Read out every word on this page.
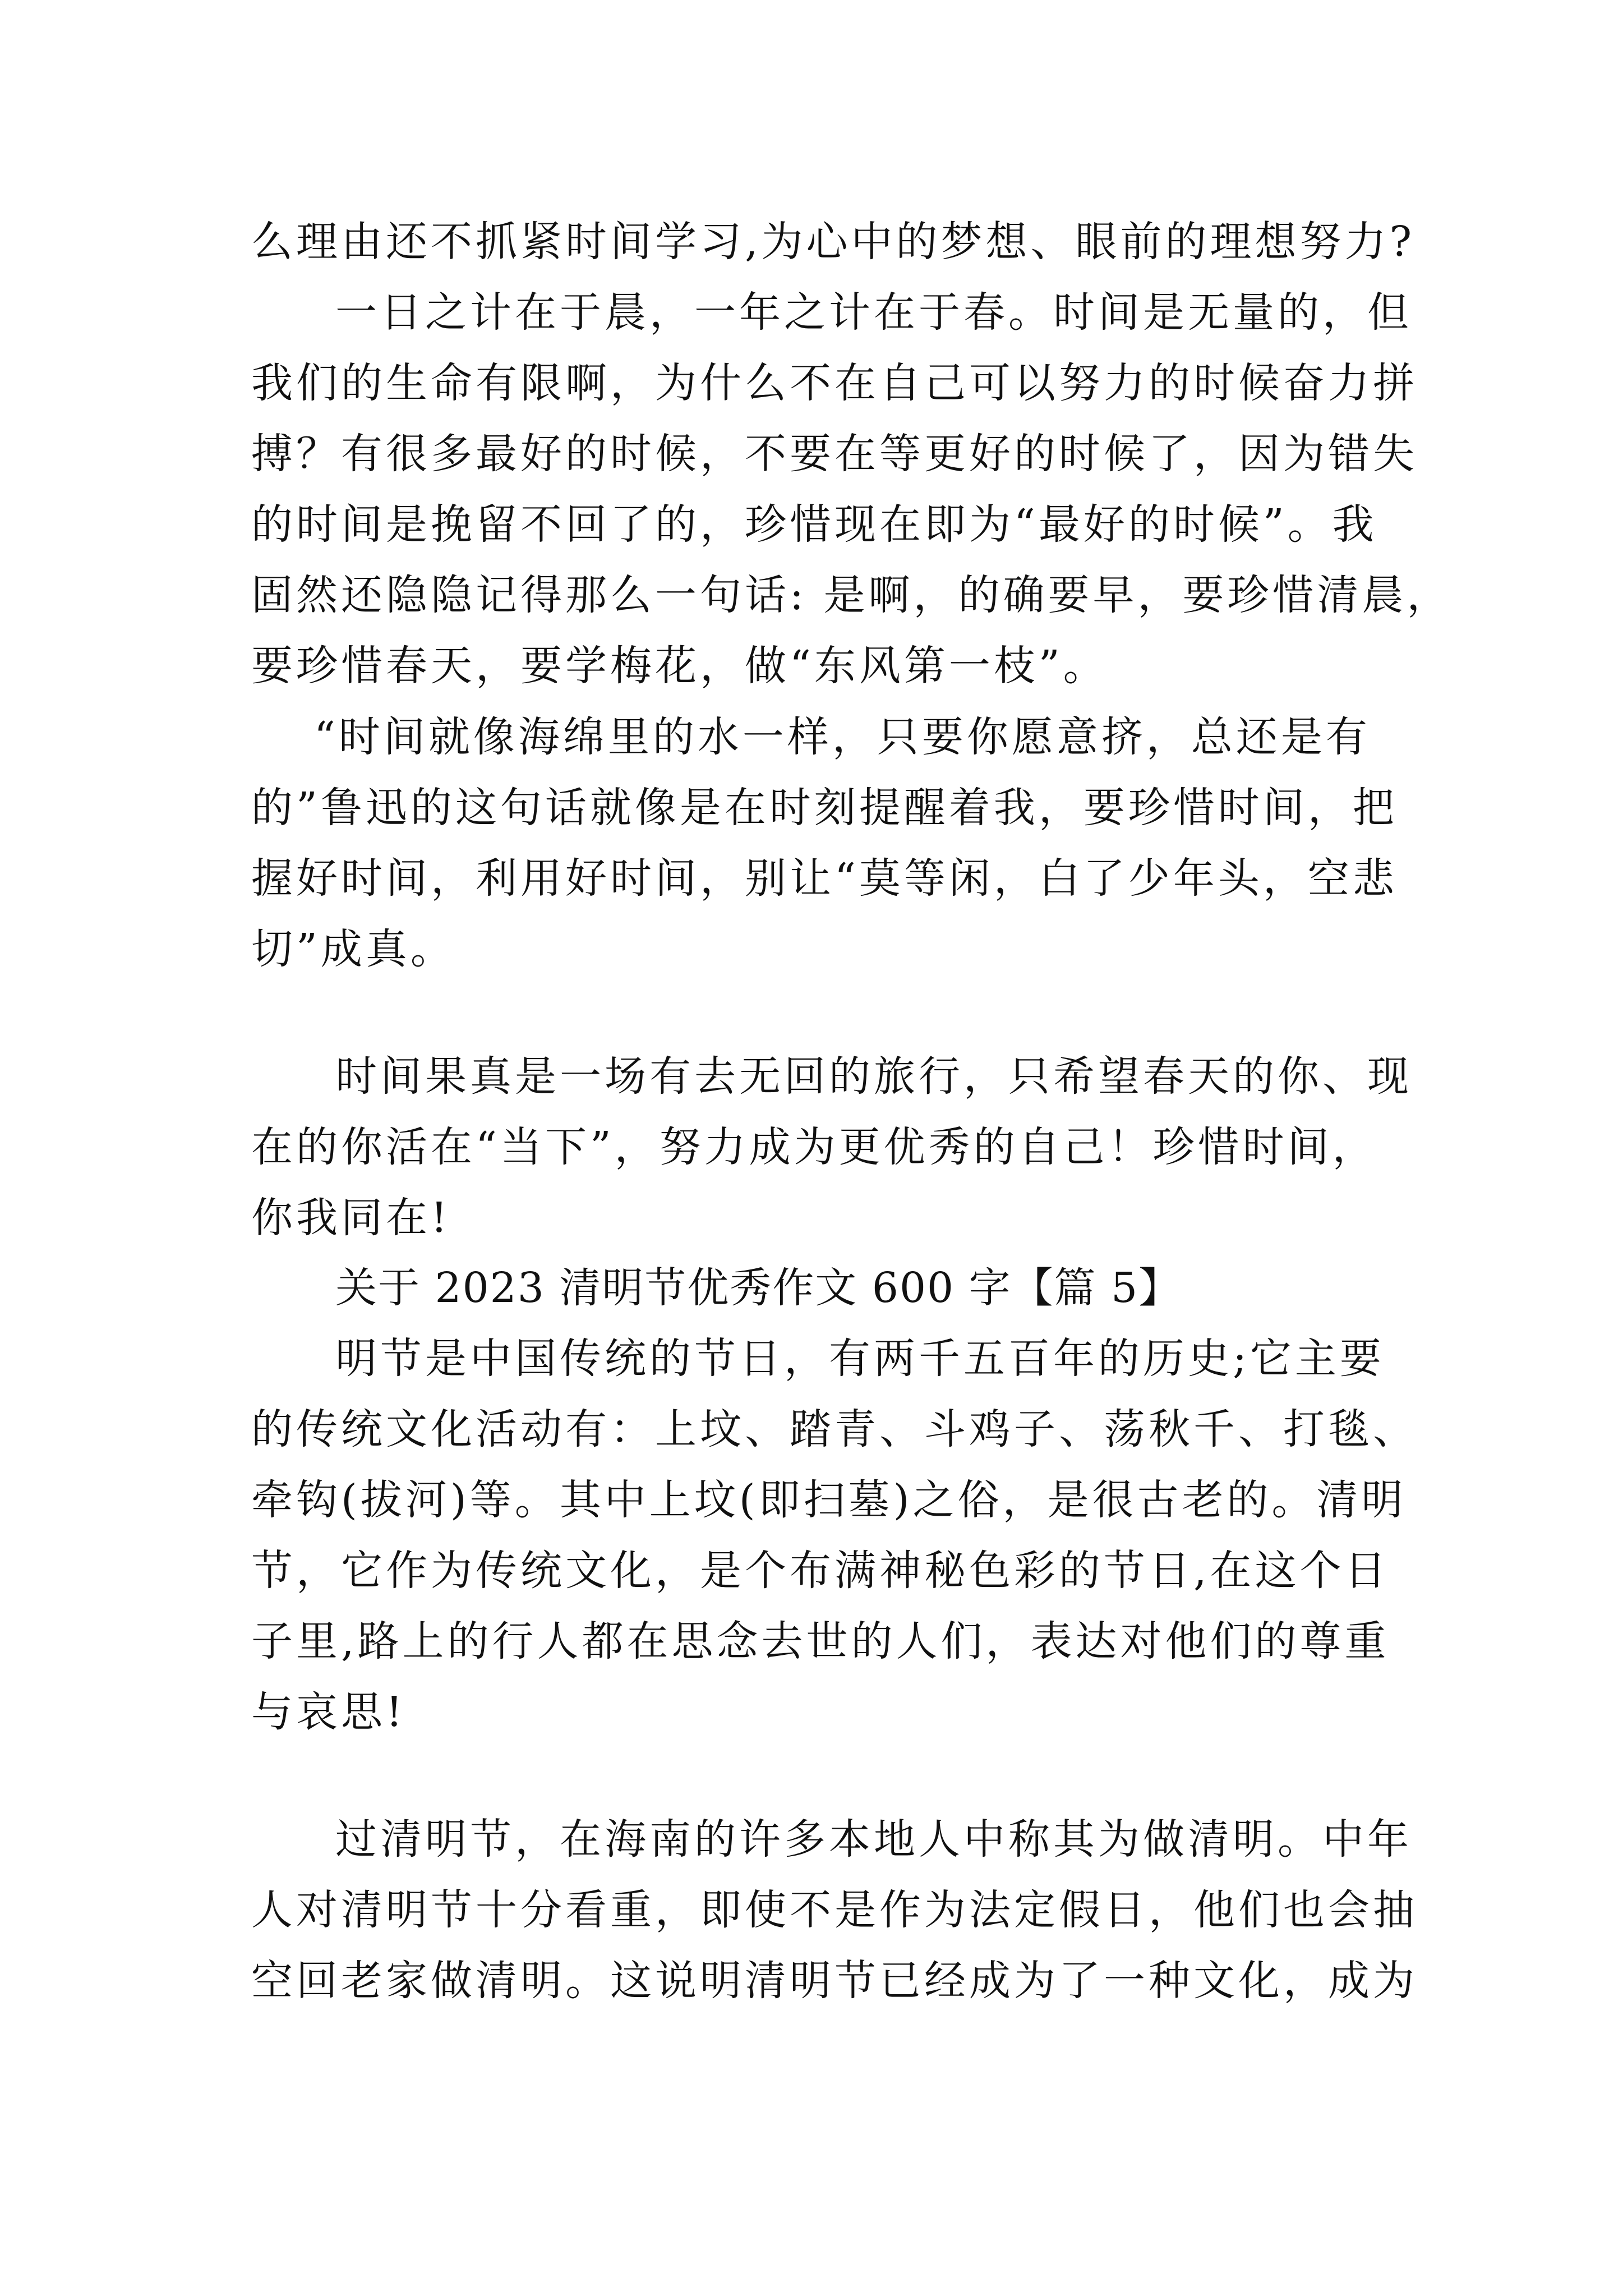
么理由还不抓紧时间学习,为心中的梦想、眼前的理想努力?
一日之计在于晨，一年之计在于春。时间是无量的，但
我们的生命有限啊，为什么不在自己可以努力的时候奋力拼
搏？有很多最好的时候，不要在等更好的时候了，因为错失
的时间是挽留不回了的，珍惜现在即为“最好的时候”。我
固然还隐隐记得那么一句话: 是啊，的确要早，要珍惜清晨，
要珍惜春天，要学梅花，做“东风第一枝”。
“时间就像海绵里的水一样，只要你愿意挤，总还是有
的”鲁迅的这句话就像是在时刻提醒着我，要珍惜时间，把
握好时间，利用好时间，别让“莫等闲，白了少年头，空悲
切”成真。
时间果真是一场有去无回的旅行，只希望春天的你、现
在的你活在“当下”，努力成为更优秀的自己！珍惜时间，
你我同在!
关于 2023 清明节优秀作文 600 字【篇 5】
明节是中国传统的节日，有两千五百年的历史;它主要
的传统文化活动有：上坟、踏青、斗鸡子、荡秋千、打毯、
牵钩(拔河)等。其中上坟(即扫墓)之俗，是很古老的。清明
节，它作为传统文化，是个布满神秘色彩的节日,在这个日
子里,路上的行人都在思念去世的人们，表达对他们的尊重
与哀思!
过清明节，在海南的许多本地人中称其为做清明。中年
人对清明节十分看重，即使不是作为法定假日，他们也会抽
空回老家做清明。这说明清明节已经成为了一种文化，成为
